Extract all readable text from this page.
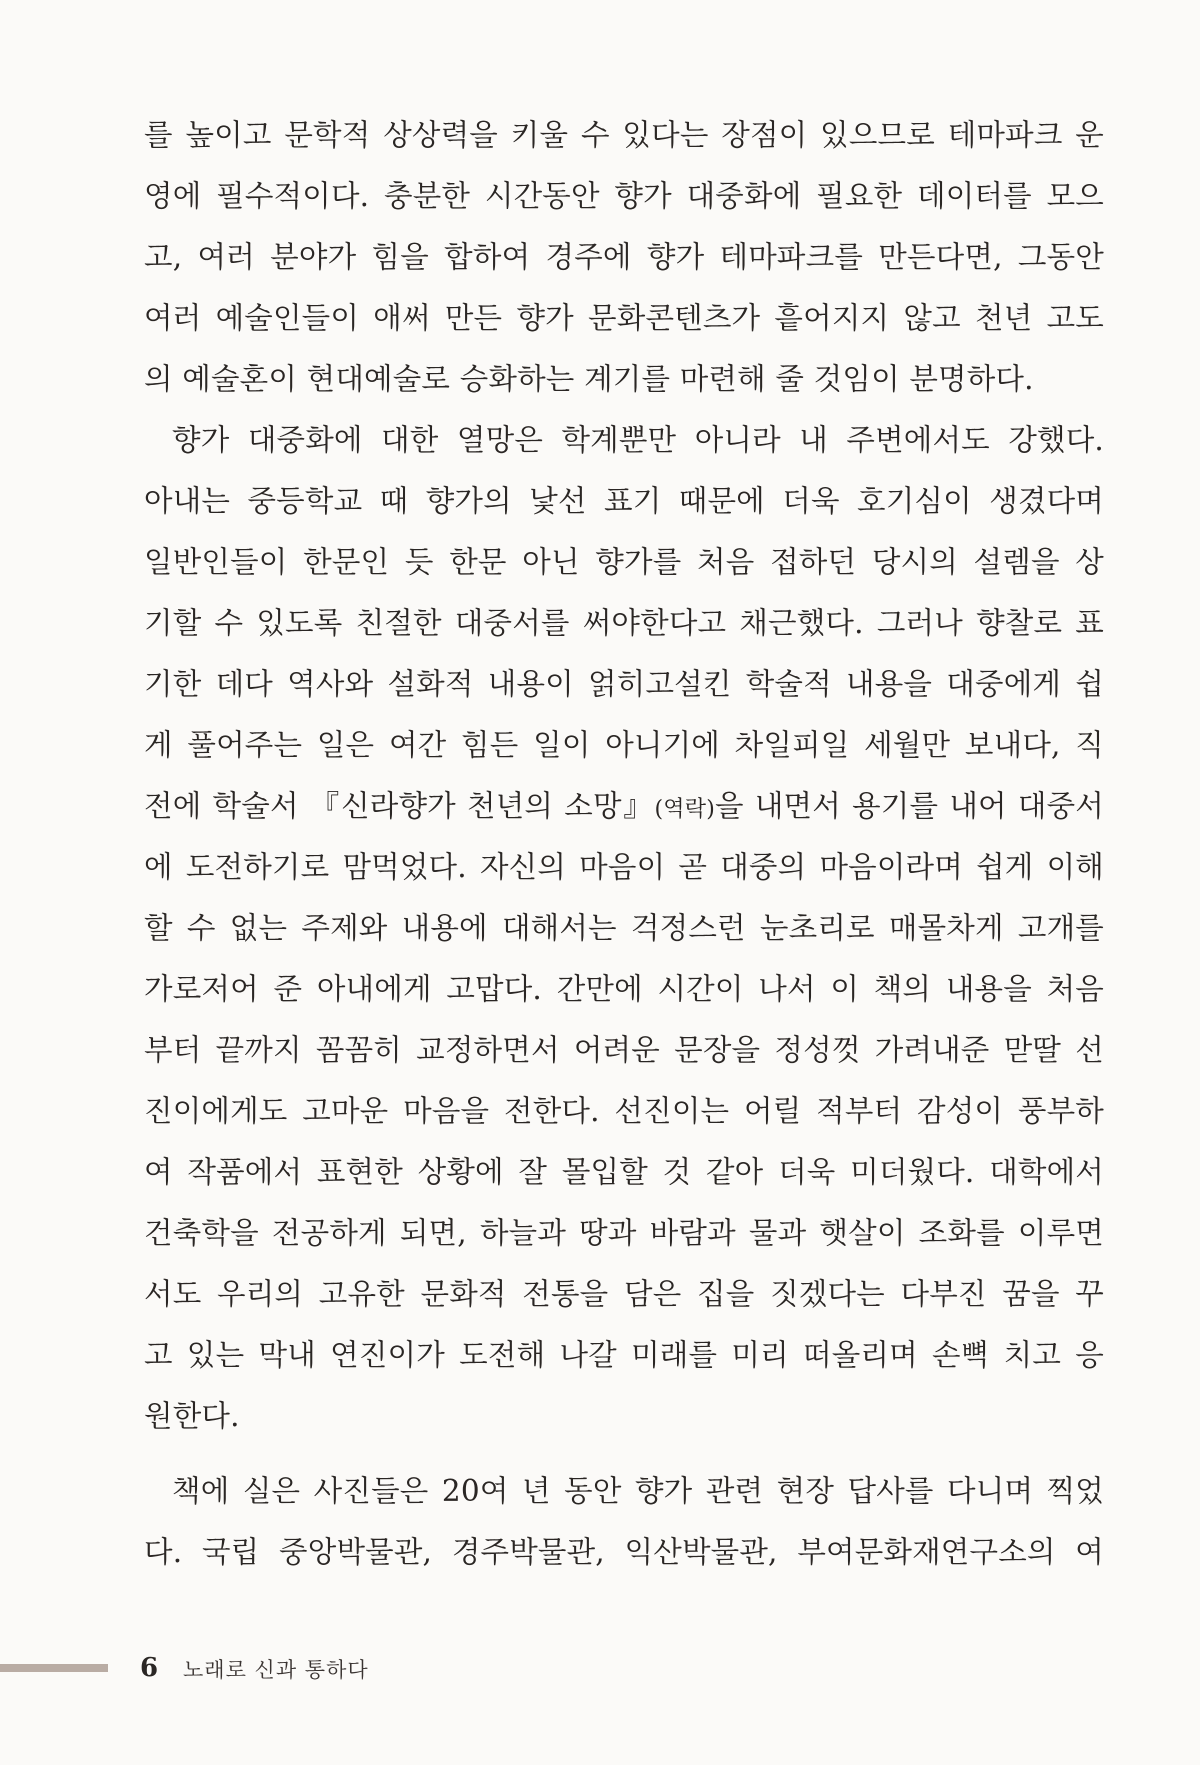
를 높이고 문학적 상상력을 키울 수 있다는 장점이 있으므로 테마파크 운
영에 필수적이다. 충분한 시간동안 향가 대중화에 필요한 데이터를 모으
고, 여러 분야가 힘을 합하여 경주에 향가 테마파크를 만든다면, 그동안
여러 예술인들이 애써 만든 향가 문화콘텐츠가 흩어지지 않고 천년 고도
의 예술혼이 현대예술로 승화하는 계기를 마련해 줄 것임이 분명하다.
향가 대중화에 대한 열망은 학계뿐만 아니라 내 주변에서도 강했다.
아내는 중등학교 때 향가의 낯선 표기 때문에 더욱 호기심이 생겼다며
일반인들이 한문인 듯 한문 아닌 향가를 처음 접하던 당시의 설렘을 상
기할 수 있도록 친절한 대중서를 써야한다고 채근했다. 그러나 향찰로 표
기한 데다 역사와 설화적 내용이 얽히고설킨 학술적 내용을 대중에게 쉽
게 풀어주는 일은 여간 힘든 일이 아니기에 차일피일 세월만 보내다, 직
전에 학술서 『신라향가 천년의 소망』(역락)을 내면서 용기를 내어 대중서
에 도전하기로 맘먹었다. 자신의 마음이 곧 대중의 마음이라며 쉽게 이해
할 수 없는 주제와 내용에 대해서는 걱정스런 눈초리로 매몰차게 고개를
가로저어 준 아내에게 고맙다. 간만에 시간이 나서 이 책의 내용을 처음
부터 끝까지 꼼꼼히 교정하면서 어려운 문장을 정성껏 가려내준 맏딸 선
진이에게도 고마운 마음을 전한다. 선진이는 어릴 적부터 감성이 풍부하
여 작품에서 표현한 상황에 잘 몰입할 것 같아 더욱 미더웠다. 대학에서
건축학을 전공하게 되면, 하늘과 땅과 바람과 물과 햇살이 조화를 이루면
서도 우리의 고유한 문화적 전통을 담은 집을 짓겠다는 다부진 꿈을 꾸
고 있는 막내 연진이가 도전해 나갈 미래를 미리 떠올리며 손뼉 치고 응
원한다.
책에 실은 사진들은 20여 년 동안 향가 관련 현장 답사를 다니며 찍었
다. 국립 중앙박물관, 경주박물관, 익산박물관, 부여문화재연구소의 여
6 노래로 신과 통하다
